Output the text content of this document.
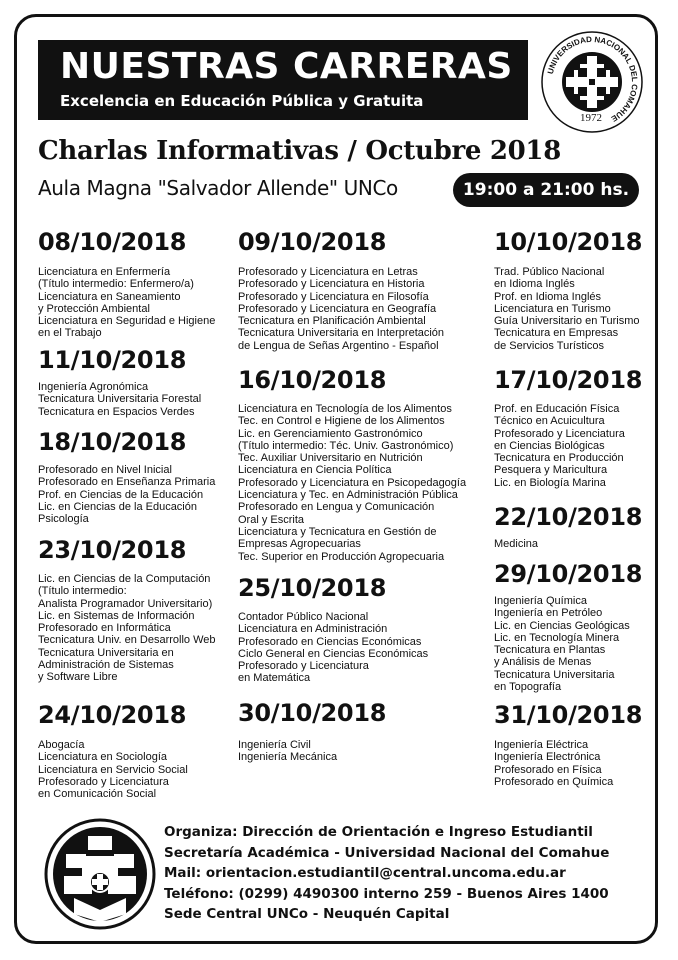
NUESTRAS CARRERAS
Excelencia en Educación Pública y Gratuita
UNIVERSIDAD NACIONAL DEL COMAHUE
1972
Charlas Informativas / Octubre 2018
Aula Magna "Salvador Allende" UNCo	19:00 a 21:00 hs.
08/10/2018
Licenciatura en Enfermería
(Título intermedio: Enfermero/a)
Licenciatura en Saneamiento
y Protección Ambiental
Licenciatura en Seguridad e Higiene
en el Trabajo
11/10/2018
Ingeniería Agronómica
Tecnicatura Universitaria Forestal
Tecnicatura en Espacios Verdes
18/10/2018
Profesorado en Nivel Inicial
Profesorado en Enseñanza Primaria
Prof. en Ciencias de la Educación
Lic. en Ciencias de la Educación
Psicología
23/10/2018
Lic. en Ciencias de la Computación
(Título intermedio:
Analista Programador Universitario)
Lic. en Sistemas de Información
Profesorado en Informática
Tecnicatura Univ. en Desarrollo Web
Tecnicatura Universitaria en
Administración de Sistemas
y Software Libre
24/10/2018
Abogacía
Licenciatura en Sociología
Licenciatura en Servicio Social
Profesorado y Licenciatura
en Comunicación Social
09/10/2018
Profesorado y Licenciatura en Letras
Profesorado y Licenciatura en Historia
Profesorado y Licenciatura en Filosofía
Profesorado y Licenciatura en Geografía
Tecnicatura en Planificación Ambiental
Tecnicatura Universitaria en Interpretación
de Lengua de Señas Argentino - Español
16/10/2018
Licenciatura en Tecnología de los Alimentos
Tec. en Control e Higiene de los Alimentos
Lic. en Gerenciamiento Gastronómico
(Título intermedio: Téc. Univ. Gastronómico)
Tec. Auxiliar Universitario en Nutrición
Licenciatura en Ciencia Política
Profesorado y Licenciatura en Psicopedagogía
Licenciatura y Tec. en Administración Pública
Profesorado en Lengua y Comunicación
Oral y Escrita
Licenciatura y Tecnicatura en Gestión de
Empresas Agropecuarias
Tec. Superior en Producción Agropecuaria
25/10/2018
Contador Público Nacional
Licenciatura en Administración
Profesorado en Ciencias Económicas
Ciclo General en Ciencias Económicas
Profesorado y Licenciatura
en Matemática
30/10/2018
Ingeniería Civil
Ingeniería Mecánica
10/10/2018
Trad. Público Nacional
en Idioma Inglés
Prof. en Idioma Inglés
Licenciatura en Turismo
Guía Universitario en Turismo
Tecnicatura en Empresas
de Servicios Turísticos
17/10/2018
Prof. en Educación Física
Técnico en Acuicultura
Profesorado y Licenciatura
en Ciencias Biológicas
Tecnicatura en Producción
Pesquera y Maricultura
Lic. en Biología Marina
22/10/2018
Medicina
29/10/2018
Ingeniería Química
Ingeniería en Petróleo
Lic. en Ciencias Geológicas
Lic. en Tecnología Minera
Tecnicatura en Plantas
y Análisis de Menas
Tecnicatura Universitaria
en Topografía
31/10/2018
Ingeniería Eléctrica
Ingeniería Electrónica
Profesorado en Física
Profesorado en Química
Organiza: Dirección de Orientación e Ingreso Estudiantil
Secretaría Académica - Universidad Nacional del Comahue
Mail: orientacion.estudiantil@central.uncoma.edu.ar
Teléfono: (0299) 4490300 interno 259 - Buenos Aires 1400
Sede Central UNCo - Neuquén Capital
